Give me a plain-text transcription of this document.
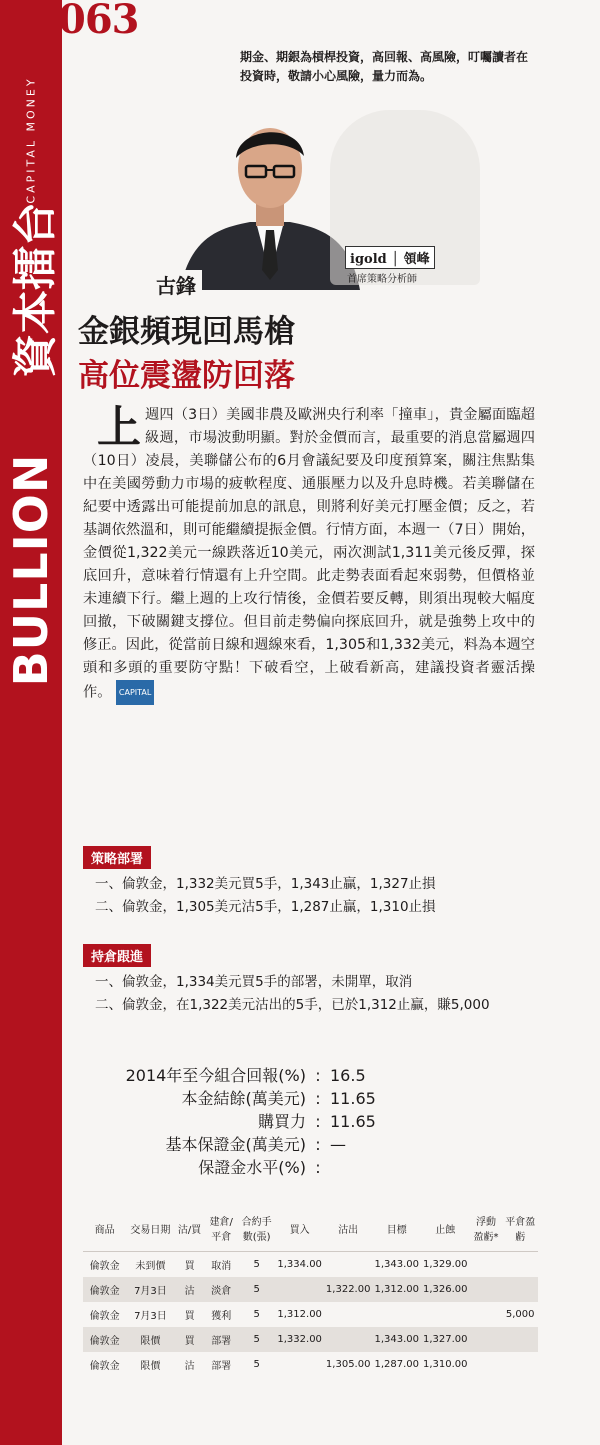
CAPITAL MONEY
資本擂台
BULLION
063
期金、期銀為槓桿投資，高回報、高風險，叮囑讀者在投資時，敬請小心風險，量力而為。
igold │ 領峰
首席策略分析師
古鋒
金銀頻現回馬槍
高位震盪防回落
上週四（3日）美國非農及歐洲央行利率「撞車」，貴金屬面臨超級週，市場波動明顯。對於金價而言，最重要的消息當屬週四（10日）凌晨，美聯儲公布的6月會議紀要及印度預算案，關注焦點集中在美國勞動力市場的疲軟程度、通脹壓力以及升息時機。若美聯儲在紀要中透露出可能提前加息的訊息，則將利好美元打壓金價；反之，若基調依然溫和，則可能繼續提振金價。行情方面，本週一（7日）開始，金價從1,322美元一線跌落近10美元，兩次測試1,311美元後反彈，探底回升，意味着行情還有上升空間。此走勢表面看起來弱勢，但價格並未連續下行。繼上週的上攻行情後，金價若要反轉，則須出現較大幅度回撤，下破關鍵支撐位。但目前走勢偏向探底回升，就是強勢上攻中的修正。因此，從當前日線和週線來看，1,305和1,332美元，料為本週空頭和多頭的重要防守點！下破看空，上破看新高，建議投資者靈活操作。 CAPITAL
策略部署
一、倫敦金，1,332美元買5手，1,343止贏，1,327止損
二、倫敦金，1,305美元沽5手，1,287止贏，1,310止損
持倉跟進
一、倫敦金，1,334美元買5手的部署，未開單，取消
二、倫敦金，在1,322美元沽出的5手，已於1,312止贏，賺5,000
2014年至今組合回報(%) : 16.5
本金結餘(萬美元) : 11.65
購買力 : 11.65
基本保證金(萬美元) : —
保證金水平(%) :
商品	交易日期	沽/買	建倉/平倉	合約手數(張)	買入	沽出	目標	止蝕	浮動盈虧*	平倉盈虧
倫敦金	未到價	買	取消	5	1,334.00		1,343.00	1,329.00		
倫敦金	7月3日	沽	淡倉	5		1,322.00	1,312.00	1,326.00		
倫敦金	7月3日	買	獲利	5	1,312.00					5,000
倫敦金	限價	買	部署	5	1,332.00		1,343.00	1,327.00		
倫敦金	限價	沽	部署	5		1,305.00	1,287.00	1,310.00		
